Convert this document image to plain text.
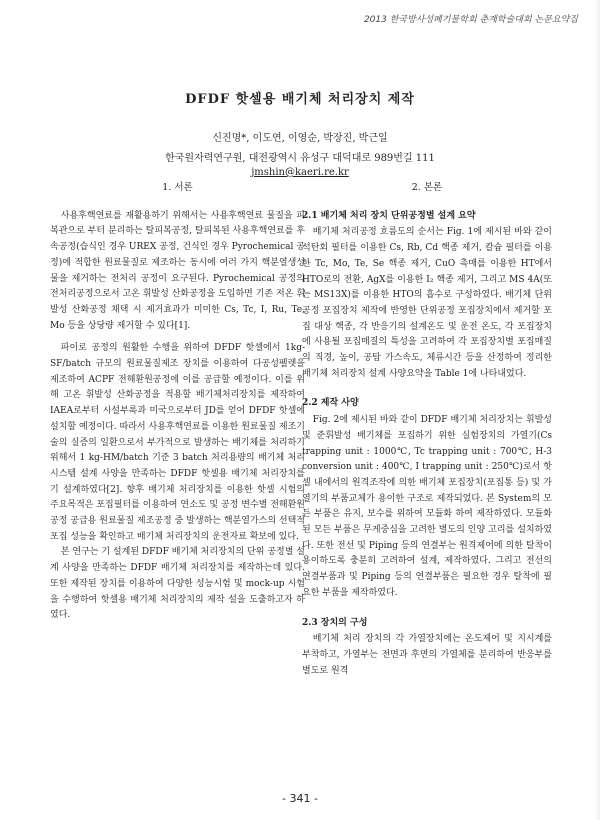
2013 한국방사성폐기물학회 춘계학술대회 논문요약집
DFDF 핫셀용 배기체 처리장치 제작
신진명*, 이도연, 이영순, 박장진, 박근일
한국원자력연구원, 대전광역시 유성구 대덕대로 989번길 111
jmshin@kaeri.re.kr
1. 서론

사용후핵연료를 재활용하기 위해서는 사용후핵연료 물질을 피복관으로 부터 분리하는 탈피복공정, 탈피복된 사용후핵연료를 후속공정(습식인 경우 UREX 공정, 건식인 경우 Pyrochemical 공정)에 적합한 원료물질로 제조하는 동시에 여러 가지 핵분열생성물을 제거하는 전처리 공정이 요구된다. Pyrochemical 공정의 전처리공정으로서 고온 휘발성 산화공정을 도입하면 기존 저온 휘발성 산화공정 채택 시 제거효과가 미미한 Cs, Tc, I, Ru, Te, Mo 등을 상당량 제거할 수 있다[1].

파이로 공정의 원활한 수행을 위하여 DFDF 핫셀에서 1kg-SF/batch 규모의 원료물질제조 장치를 이용하여 다공성펠렛을 제조하여 ACPF 전해환원공정에 이를 공급할 예정이다. 이를 위해 고온 휘발성 산화공정을 적용할 배기체처리장치를 제작하여 IAEA로부터 시설부록과 미국으로부터 JD를 얻어 DFDF 핫셀에 설치할 예정이다. 따라서 사용후핵연료를 이용한 원료물질 제조기술의 실증의 일환으로서 부가적으로 발생하는 배기체를 처리하기 위해서 1 kg-HM/batch 기준 3 batch 처리용량의 배기체 처리시스템 설계 사양을 만족하는 DFDF 핫셀용 배기체 처리장치를 기 설계하였다[2]. 향후 배기체 처리장치를 이용한 핫셀 시험의 주요목적은 포집필터를 이용하여 연소도 및 공정 변수별 전해환원공정 공급용 원료물질 제조공정 중 발생하는 핵분열가스의 선택적 포집 성능을 확인하고 배기체 처리장치의 운전자료 확보에 있다.

본 연구는 기 설계된 DFDF 배기체 처리장치의 단위 공정별 설계 사양을 만족하는 DFDF 배기체 처리장치를 제작하는데 있다. 또한 제작된 장치를 이용하여 다양한 성능시험 및 mock-up 시험을 수행하여 핫셀용 배기체 처리장치의 제작 설을 도출하고자 하였다.

2. 본론
2.1 배기체 처리 장치 단위공정별 설계 요약

배기체 처리공정 흐름도의 순서는 Fig. 1에 제시된 바와 같이 석탄회 필터를 이용한 Cs, Rb, Cd 핵종 제거, 칼슘 필터를 이용한 Tc, Mo, Te, Se 핵종 제거, CuO 촉매를 이용한 HT에서 HTO로의 전환, AgX를 이용한 I₂ 핵종 제거, 그리고 MS 4A(또는 MS13X)를 이용한 HTO의 흡수로 구성하였다. 배기체 단위공정 포집장치 제작에 반영한 단위공정 포집장치에서 제거할 포집 대상 핵종, 각 반응기의 설계온도 및 운전 온도, 각 포집장치에 사용될 포집매질의 특성을 고려하여 각 포집장치별 포집매질의 직경, 높이, 공탑 가스속도, 체류시간 등을 산정하여 정리한 배기체 처리장치 설계 사양요약을 Table 1에 나타내었다.

2.2 제작 사양

Fig. 2에 제시된 바와 같이 DFDF 배기체 처리장치는 휘발성 및 준휘발성 배기체를 포집하기 위한 실험장치의 가열기(Cs trapping unit : 1000℃, Tc trapping unit : 700℃, H-3 conversion unit : 400℃, I trapping unit : 250℃)로서 핫셀 내에서의 원격조작에 의한 배기체 포집장치(포집통 등) 및 가열기의 부품교체가 용이한 구조로 제작되었다. 본 System의 모든 부품은 유지, 보수를 위하여 모듈화 하여 제작하였다. 모듈화 된 모든 부품은 무게중심을 고려한 별도의 인양 고리를 설치하였다. 또한 전선 및 Piping 등의 연결부는 원격제어에 의한 탈착이 용이하도록 충분히 고려하여 설계, 제작하였다. 그리고 전선의 연결부품과 및 Piping 등의 연결부품은 필요한 경우 탈착에 필요한 부품을 제작하였다.

2.3 장치의 구성

배기체 처리 장치의 각 가열장치에는 온도제어 및 지시계를 부착하고, 가열부는 전면과 후면의 가열체를 분리하여 반응부를 별도로 원격

- 341 -
